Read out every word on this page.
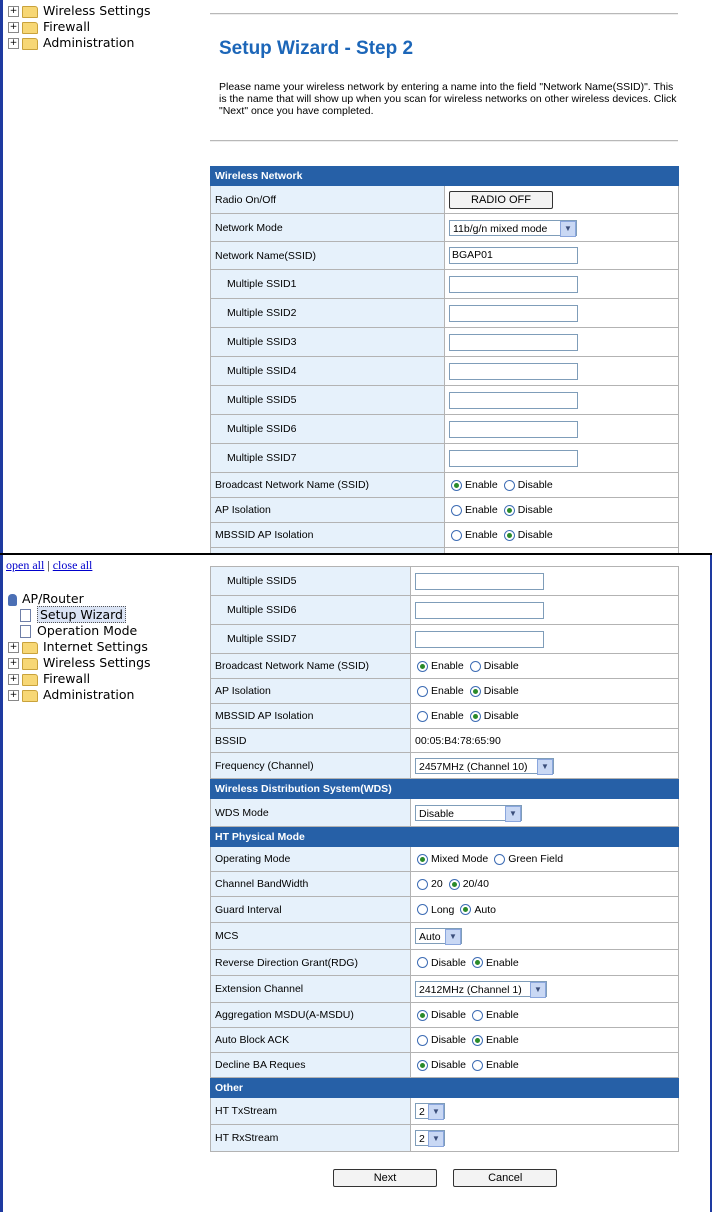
+ Wireless Settings
+ Firewall
+ Administration	Setup Wizard - Step 2
Please name your wireless network by entering a name into the field "Network Name(SSID)". This is the name that will show up when you scan for wireless networks on other wireless devices. Click "Next" once you have completed.
Wireless Network	
Radio On/Off	RADIO OFF
Network Mode	11b/g/n mixed mode ▼

Network Name(SSID)	BGAP01

Multiple SSID1	

Multiple SSID2	

Multiple SSID3	

Multiple SSID4	

Multiple SSID5	

Multiple SSID6	

Multiple SSID7	

Broadcast Network Name (SSID)	Enable Disable
AP Isolation	Enable Disable
MBSSID AP Isolation	Enable Disable

open all | close all
AP/Router
Setup Wizard
Operation Mode
+ Internet Settings
+ Wireless Settings
+ Firewall
+ Administration
Multiple SSID5	

Multiple SSID6	

Multiple SSID7	

Broadcast Network Name (SSID)	Enable Disable
AP Isolation	Enable Disable
MBSSID AP Isolation	Enable Disable
BSSID	00:05:B4:78:65:90
Frequency (Channel)	2457MHz (Channel 10) ▼

Wireless Distribution System(WDS)	
WDS Mode	Disable ▼

HT Physical Mode	
Operating Mode	Mixed Mode Green Field
Channel BandWidth	20 20/40
Guard Interval	Long Auto
MCS	Auto ▼

Reverse Direction Grant(RDG)	Disable Enable
Extension Channel	2412MHz (Channel 1) ▼

Aggregation MSDU(A-MSDU)	Disable Enable
Auto Block ACK	Disable Enable
Decline BA Reques	Disable Enable
Other	
HT TxStream	2 ▼

HT RxStream	2 ▼
Next	Cancel
